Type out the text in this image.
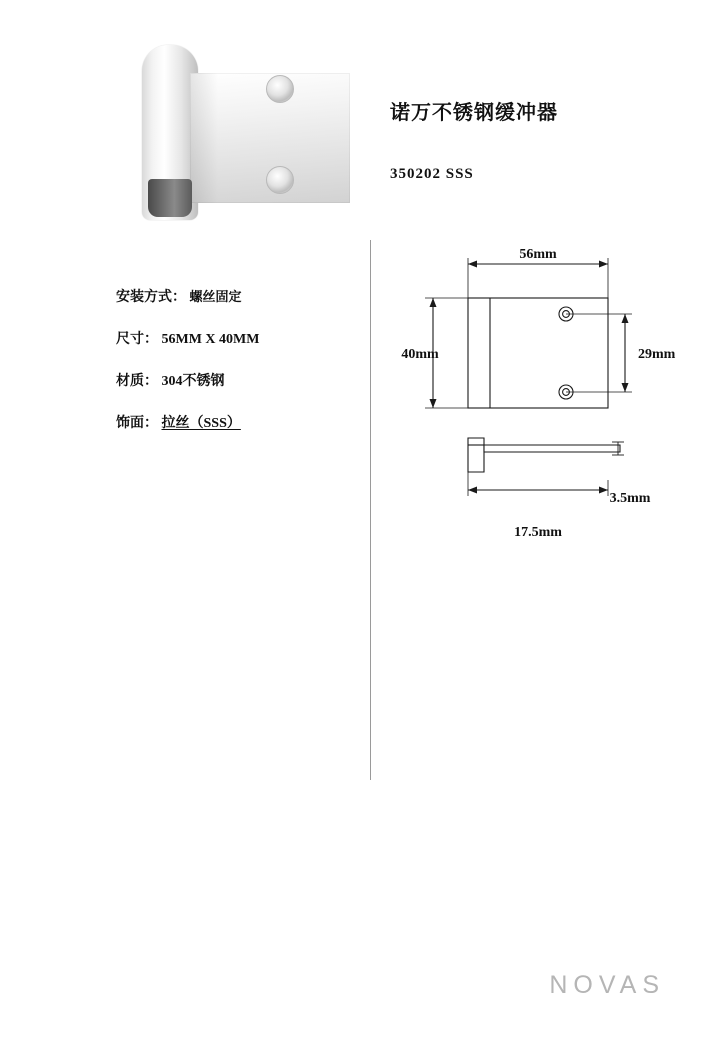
诺万不锈钢缓冲器
350202 SSS
安装方式： 螺丝固定
尺寸： 56MM X 40MM
材质： 304不锈钢
饰面： 拉丝（SSS）
56mm
40mm	29mm
3.5mm
17.5mm
NOVAS
